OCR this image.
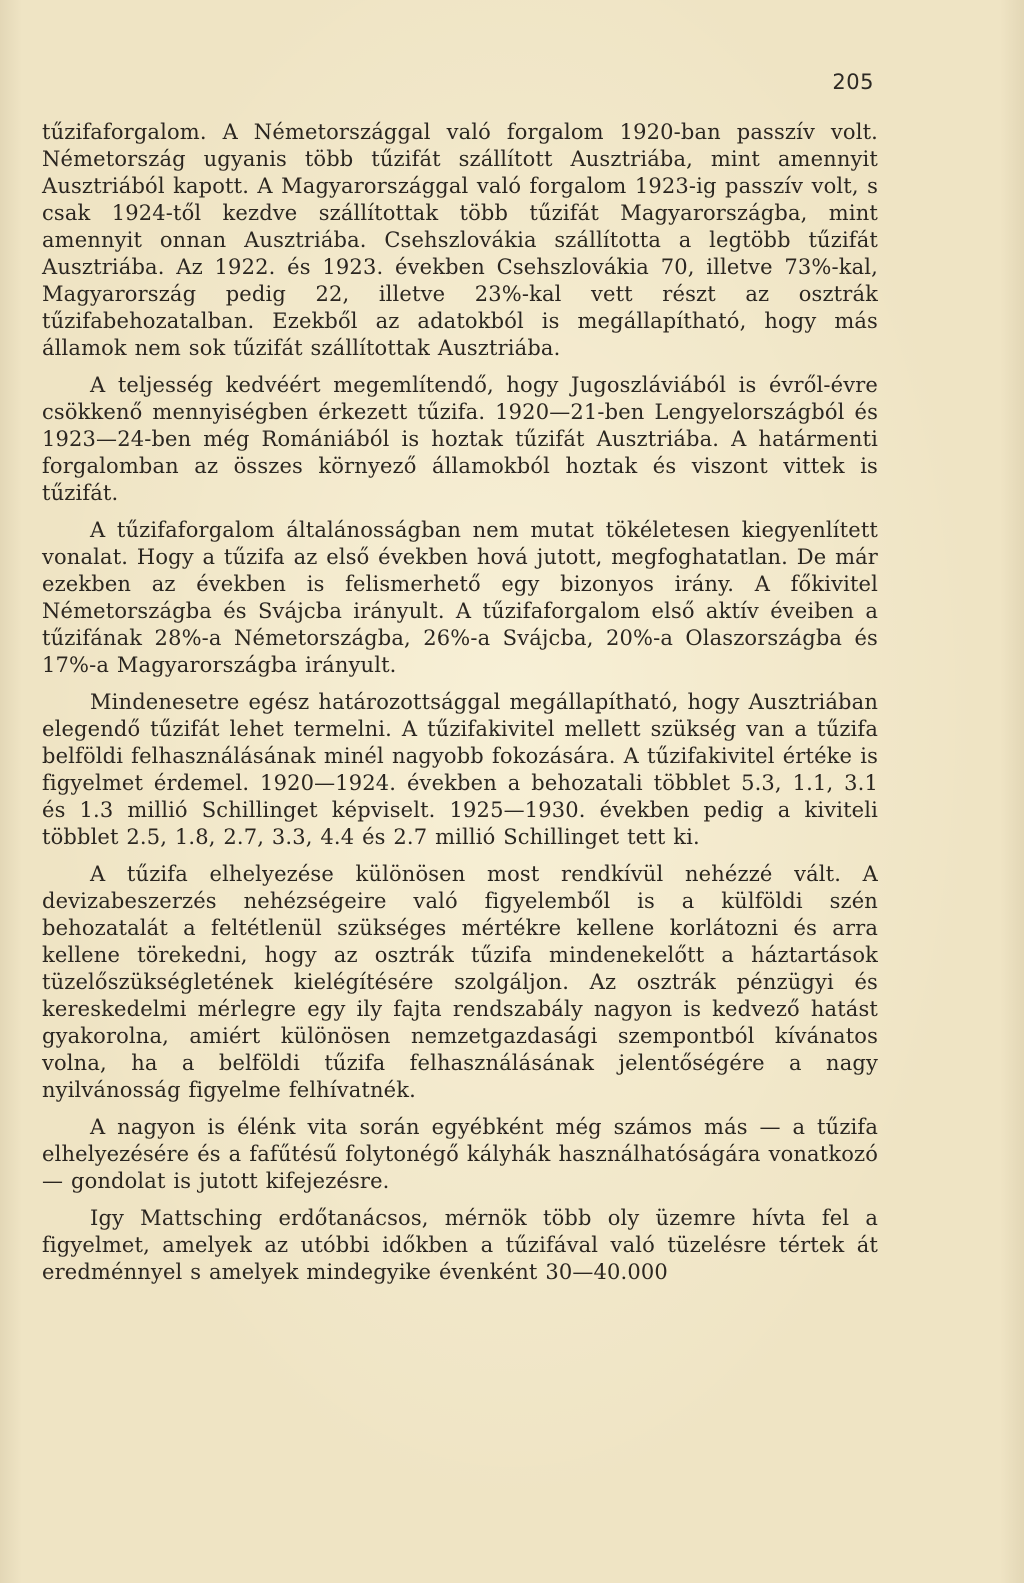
205

tűzifaforgalom. A Németországgal való forgalom 1920-ban passzív volt. Németország ugyanis több tűzifát szállított Ausztriába, mint amennyit Ausztriából kapott. A Magyarországgal való forgalom 1923-ig passzív volt, s csak 1924-től kezdve szállítottak több tűzifát Magyarországba, mint amennyit onnan Ausztriába. Csehszlovákia szállította a legtöbb tűzifát Ausztriába. Az 1922. és 1923. években Csehszlovákia 70, illetve 73%-kal, Magyarország pedig 22, illetve 23%-kal vett részt az osztrák tűzifabehozatalban. Ezekből az adatokból is megállapítható, hogy más államok nem sok tűzifát szállítottak Ausztriába.

A teljesség kedvéért megemlítendő, hogy Jugoszláviából is évről-évre csökkenő mennyiségben érkezett tűzifa. 1920—21-ben Lengyelországból és 1923—24-ben még Romániából is hoztak tűzifát Ausztriába. A határmenti forgalomban az összes környező államokból hoztak és viszont vittek is tűzifát.

A tűzifaforgalom általánosságban nem mutat tökéletesen kiegyenlített vonalat. Hogy a tűzifa az első években hová jutott, megfoghatatlan. De már ezekben az években is felismerhető egy bizonyos irány. A főkivitel Németországba és Svájcba irányult. A tűzifaforgalom első aktív éveiben a tűzifának 28%-a Németországba, 26%-a Svájcba, 20%-a Olaszországba és 17%-a Magyarországba irányult.

Mindenesetre egész határozottsággal megállapítható, hogy Ausztriában elegendő tűzifát lehet termelni. A tűzifakivitel mellett szükség van a tűzifa belföldi felhasználásának minél nagyobb fokozására. A tűzifakivitel értéke is figyelmet érdemel. 1920—1924. években a behozatali többlet 5.3, 1.1, 3.1 és 1.3 millió Schillinget képviselt. 1925—1930. években pedig a kiviteli többlet 2.5, 1.8, 2.7, 3.3, 4.4 és 2.7 millió Schillinget tett ki.

A tűzifa elhelyezése különösen most rendkívül nehézzé vált. A devizabeszerzés nehézségeire való figyelemből is a külföldi szén behozatalát a feltétlenül szükséges mértékre kellene korlátozni és arra kellene törekedni, hogy az osztrák tűzifa mindenekelőtt a háztartások tüzelőszükségletének kielégítésére szolgáljon. Az osztrák pénzügyi és kereskedelmi mérlegre egy ily fajta rendszabály nagyon is kedvező hatást gyakorolna, amiért különösen nemzetgazdasági szempontból kívánatos volna, ha a belföldi tűzifa felhasználásának jelentőségére a nagy nyilvánosság figyelme felhívatnék.

A nagyon is élénk vita során egyébként még számos más — a tűzifa elhelyezésére és a fafűtésű folytonégő kályhák használhatóságára vonatkozó — gondolat is jutott kifejezésre.

Igy Mattsching erdőtanácsos, mérnök több oly üzemre hívta fel a figyelmet, amelyek az utóbbi időkben a tűzifával való tüzelésre tértek át eredménnyel s amelyek mindegyike évenként 30—40.000
